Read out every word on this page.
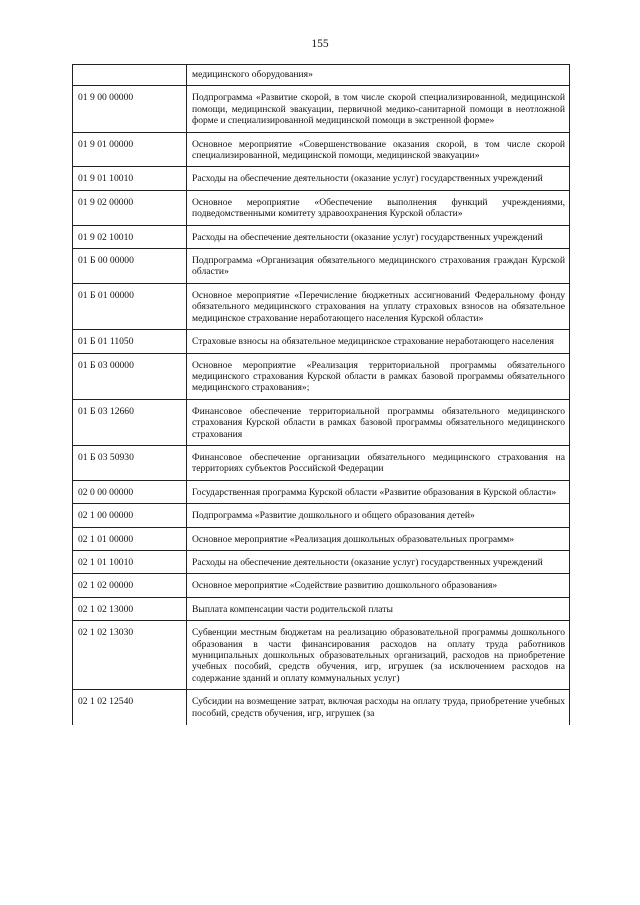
155
	медицинского оборудования»
01 9 00 00000	Подпрограмма «Развитие скорой, в том числе скорой специализированной, медицинской помощи, медицинской эвакуации, первичной медико-санитарной помощи в неотложной форме и специализированной медицинской помощи в экстренной форме»
01 9 01 00000	Основное мероприятие «Совершенствование оказания скорой, в том числе скорой специализированной, медицинской помощи, медицинской эвакуации»
01 9 01 10010	Расходы на обеспечение деятельности (оказание услуг) государственных учреждений
01 9 02 00000	Основное мероприятие «Обеспечение выполнения функций учреждениями, подведомственными комитету здравоохранения Курской области»
01 9 02 10010	Расходы на обеспечение деятельности (оказание услуг) государственных учреждений
01 Б 00 00000	Подпрограмма «Организация обязательного медицинского страхования граждан Курской области»
01 Б 01 00000	Основное мероприятие «Перечисление бюджетных ассигнований Федеральному фонду обязательного медицинского страхования на уплату страховых взносов на обязательное медицинское страхование неработающего населения Курской области»
01 Б 01 11050	Страховые взносы на обязательное медицинское страхование неработающего населения
01 Б 03 00000	Основное мероприятие «Реализация территориальной программы обязательного медицинского страхования Курской области в рамках базовой программы обязательного медицинского страхования»;
01 Б 03 12660	Финансовое обеспечение территориальной программы обязательного медицинского страхования Курской области в рамках базовой программы обязательного медицинского страхования
01 Б 03 50930	Финансовое обеспечение организации обязательного медицинского страхования на территориях субъектов Российской Федерации
02 0 00 00000	Государственная программа Курской области «Развитие образования в Курской области»
02 1 00 00000	Подпрограмма «Развитие дошкольного и общего образования детей»
02 1 01 00000	Основное мероприятие «Реализация дошкольных образовательных программ»
02 1 01 10010	Расходы на обеспечение деятельности (оказание услуг) государственных учреждений
02 1 02 00000	Основное мероприятие «Содействие развитию дошкольного образования»
02 1 02 13000	Выплата компенсации части родительской платы
02 1 02 13030	Субвенции местным бюджетам на реализацию образовательной программы дошкольного образования в части финансирования расходов на оплату труда работников муниципальных дошкольных образовательных организаций, расходов на приобретение учебных пособий, средств обучения, игр, игрушек (за исключением расходов на содержание зданий и оплату коммунальных услуг)
02 1 02 12540	Субсидии на возмещение затрат, включая расходы на оплату труда, приобретение учебных пособий, средств обучения, игр, игрушек (за
